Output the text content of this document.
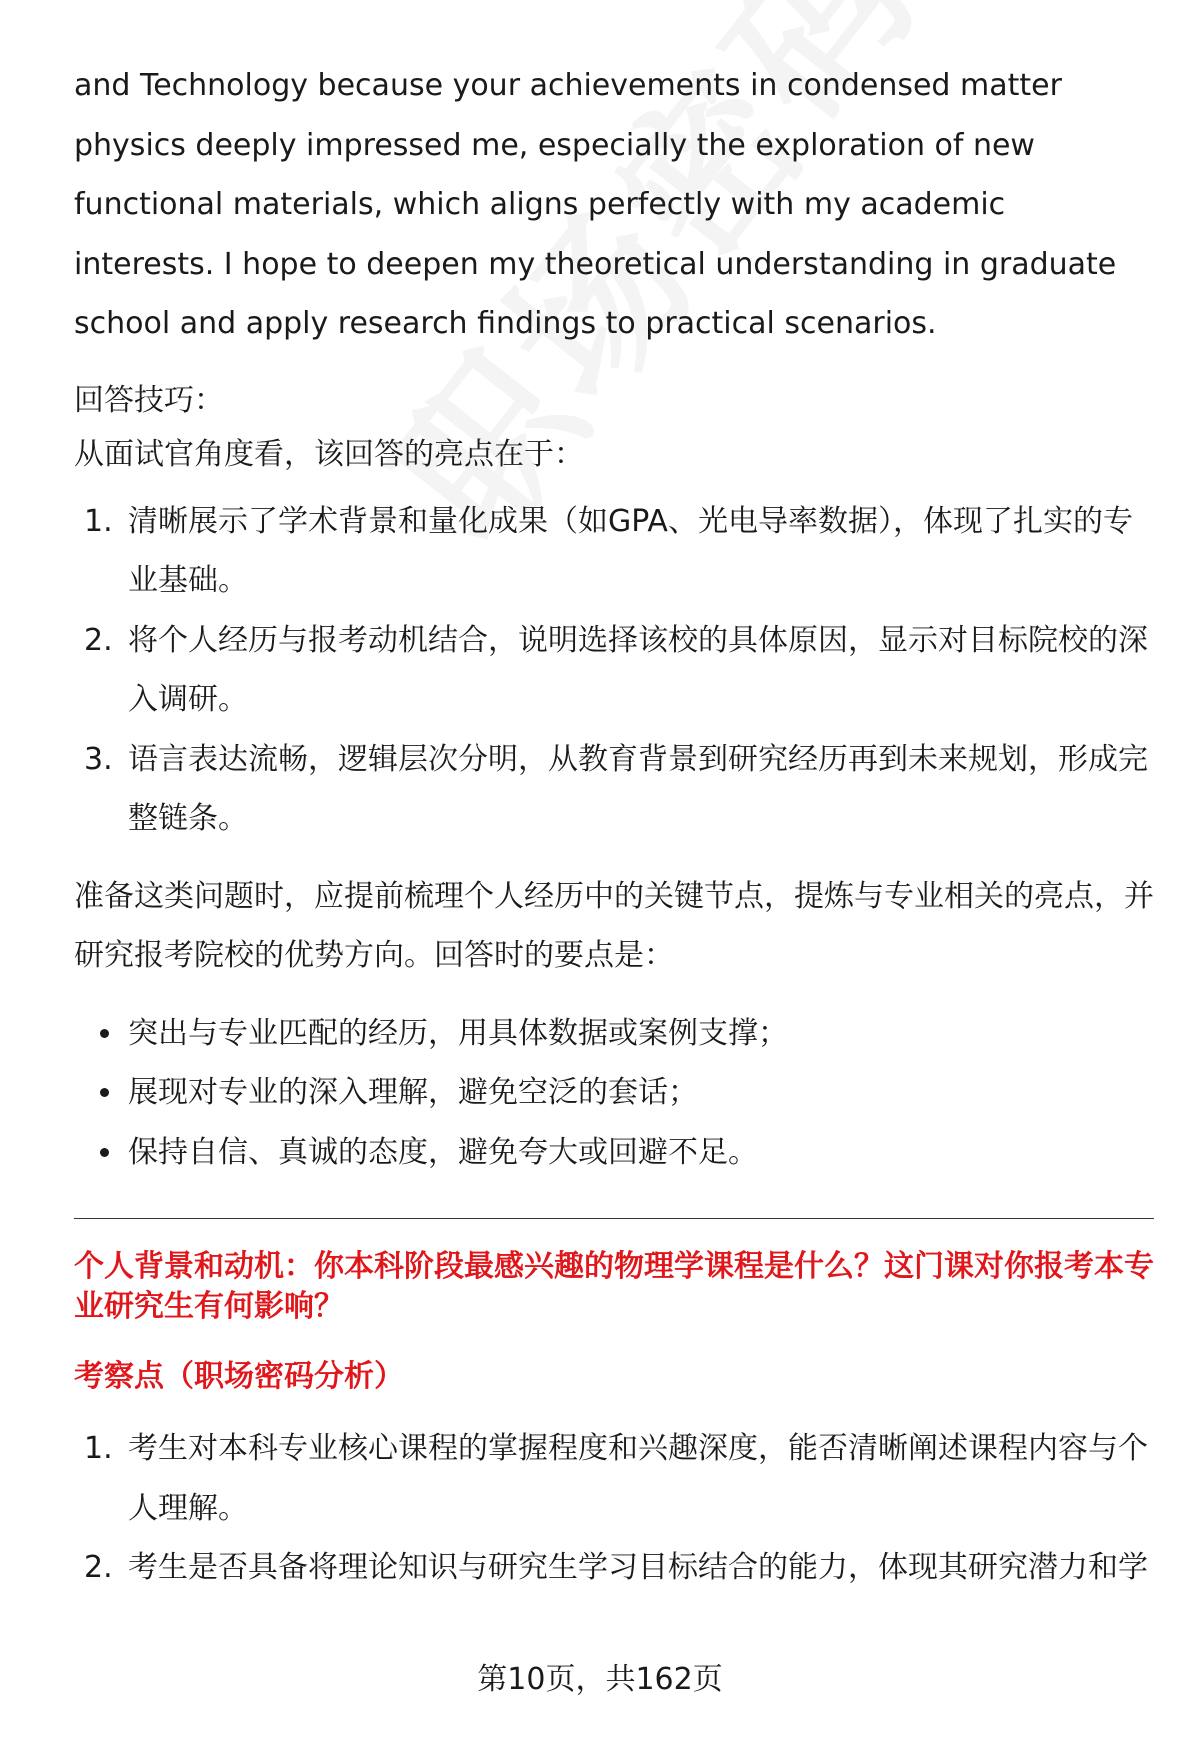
and Technology because your achievements in condensed matter physics deeply impressed me, especially the exploration of new functional materials, which aligns perfectly with my academic interests. I hope to deepen my theoretical understanding in graduate school and apply research findings to practical scenarios.

回答技巧：

从面试官角度看，该回答的亮点在于：

1. 清晰展示了学术背景和量化成果（如GPA、光电导率数据），体现了扎实的专业基础。
2. 将个人经历与报考动机结合，说明选择该校的具体原因，显示对目标院校的深入调研。
3. 语言表达流畅，逻辑层次分明，从教育背景到研究经历再到未来规划，形成完整链条。

准备这类问题时，应提前梳理个人经历中的关键节点，提炼与专业相关的亮点，并研究报考院校的优势方向。回答时的要点是：

突出与专业匹配的经历，用具体数据或案例支撑；
展现对专业的深入理解，避免空泛的套话；
保持自信、真诚的态度，避免夸大或回避不足。

个人背景和动机：你本科阶段最感兴趣的物理学课程是什么？这门课对你报考本专业研究生有何影响？

考察点（职场密码分析）

1. 考生对本科专业核心课程的掌握程度和兴趣深度，能否清晰阐述课程内容与个人理解。
2. 考生是否具备将理论知识与研究生学习目标结合的能力，体现其研究潜力和学
第10页，共162页
